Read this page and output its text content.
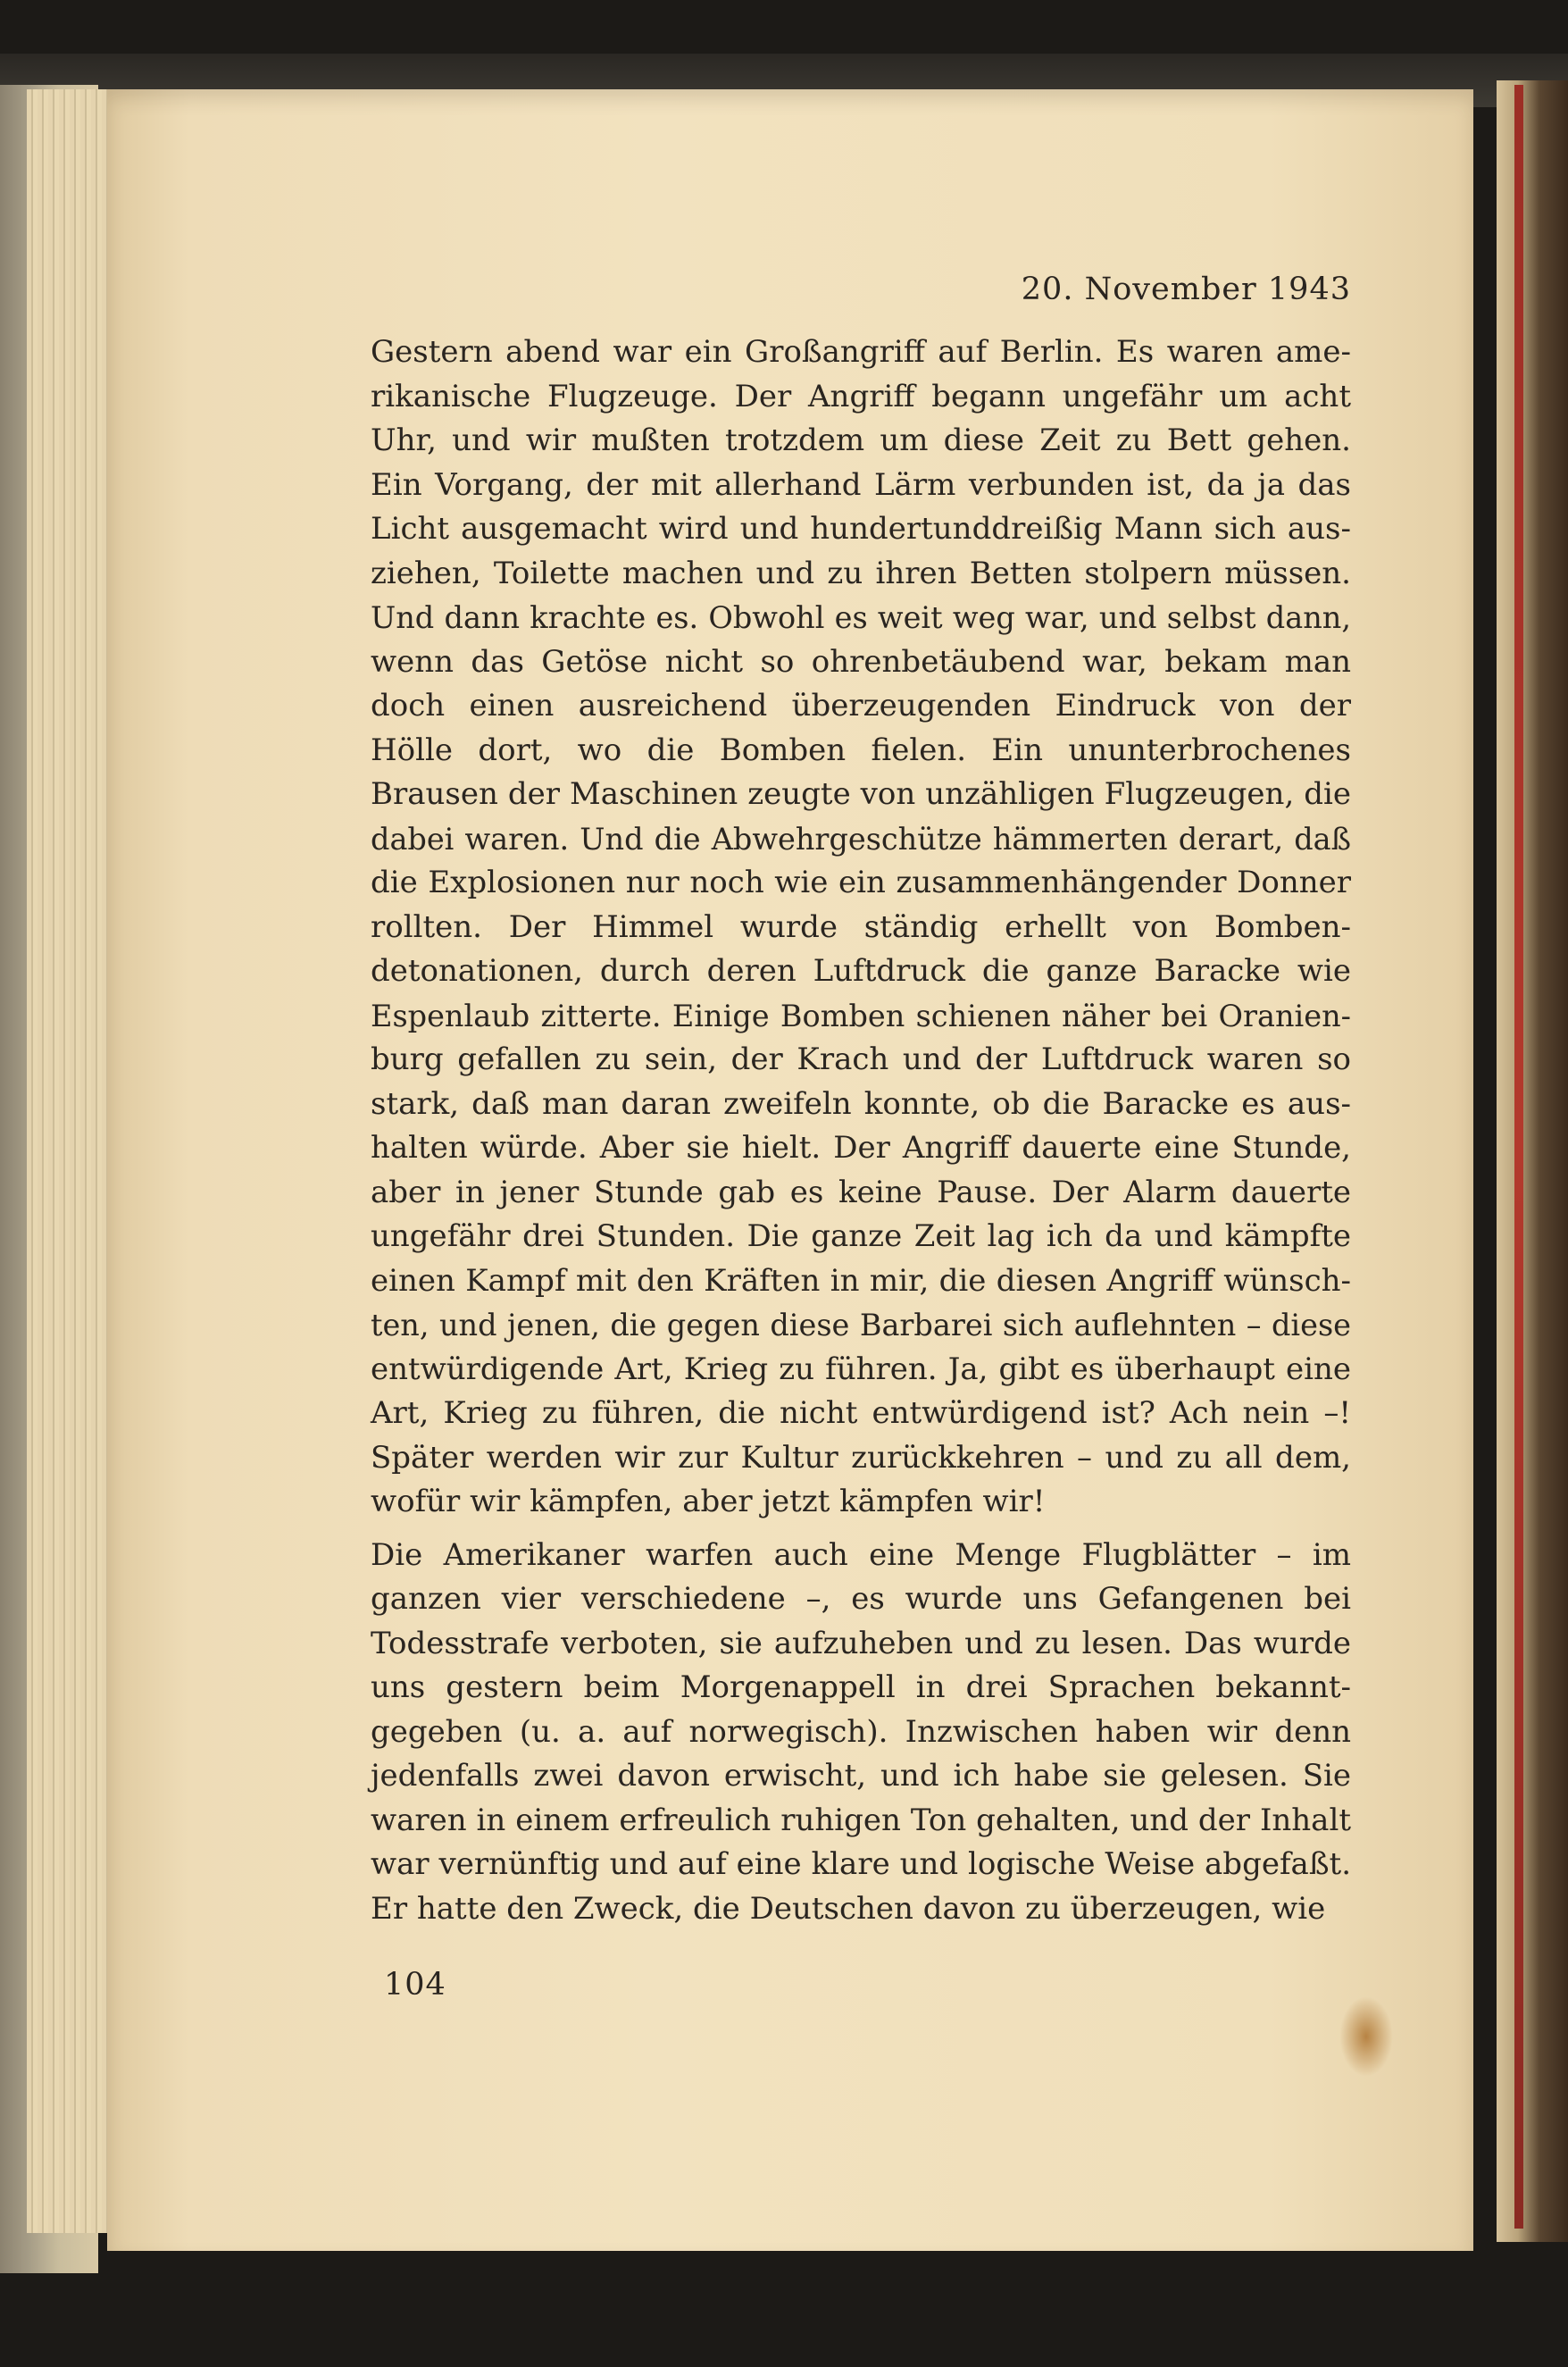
20. November 1943
Gestern abend war ein Großangriff auf Berlin. Es waren ame-
rikanische Flugzeuge. Der Angriff begann ungefähr um acht
Uhr, und wir mußten trotzdem um diese Zeit zu Bett gehen.
Ein Vorgang, der mit allerhand Lärm verbunden ist, da ja das
Licht ausgemacht wird und hundertunddreißig Mann sich aus-
ziehen, Toilette machen und zu ihren Betten stolpern müssen.
Und dann krachte es. Obwohl es weit weg war, und selbst dann,
wenn das Getöse nicht so ohrenbetäubend war, bekam man
doch einen ausreichend überzeugenden Eindruck von der
Hölle dort, wo die Bomben fielen. Ein ununterbrochenes
Brausen der Maschinen zeugte von unzähligen Flugzeugen, die
dabei waren. Und die Abwehrgeschütze hämmerten derart, daß
die Explosionen nur noch wie ein zusammenhängender Donner
rollten. Der Himmel wurde ständig erhellt von Bomben-
detonationen, durch deren Luftdruck die ganze Baracke wie
Espenlaub zitterte. Einige Bomben schienen näher bei Oranien-
burg gefallen zu sein, der Krach und der Luftdruck waren so
stark, daß man daran zweifeln konnte, ob die Baracke es aus-
halten würde. Aber sie hielt. Der Angriff dauerte eine Stunde,
aber in jener Stunde gab es keine Pause. Der Alarm dauerte
ungefähr drei Stunden. Die ganze Zeit lag ich da und kämpfte
einen Kampf mit den Kräften in mir, die diesen Angriff wünsch-
ten, und jenen, die gegen diese Barbarei sich auflehnten – diese
entwürdigende Art, Krieg zu führen. Ja, gibt es überhaupt eine
Art, Krieg zu führen, die nicht entwürdigend ist? Ach nein –!
Später werden wir zur Kultur zurückkehren – und zu all dem,
wofür wir kämpfen, aber jetzt kämpfen wir!
Die Amerikaner warfen auch eine Menge Flugblätter – im
ganzen vier verschiedene –, es wurde uns Gefangenen bei
Todesstrafe verboten, sie aufzuheben und zu lesen. Das wurde
uns gestern beim Morgenappell in drei Sprachen bekannt-
gegeben (u. a. auf norwegisch). Inzwischen haben wir denn
jedenfalls zwei davon erwischt, und ich habe sie gelesen. Sie
waren in einem erfreulich ruhigen Ton gehalten, und der Inhalt
war vernünftig und auf eine klare und logische Weise abgefaßt.
Er hatte den Zweck, die Deutschen davon zu überzeugen, wie
104
